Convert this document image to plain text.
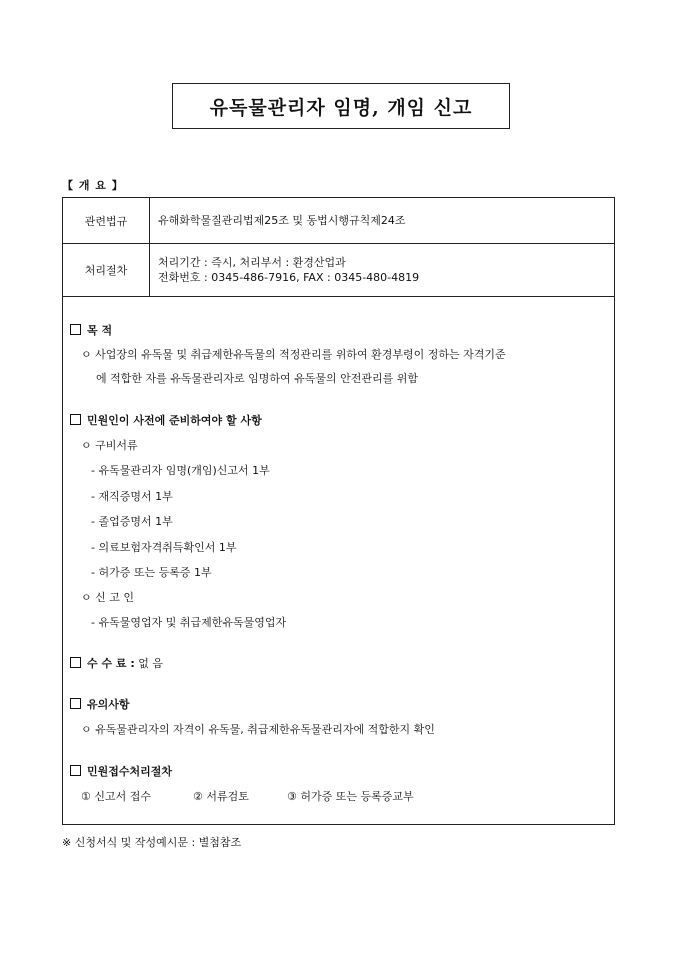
유독물관리자 임명, 개임 신고
【 개 요 】
관련법규	유해화학물질관리법제25조 및 동법시행규칙제24조

처리절차	처리기간 : 즉시, 처리부서 : 환경산업과
전화번호 : 0345-486-7916, FAX : 0345-480-4819
목 적
ㅇ 사업장의 유독물 및 취급제한유독물의 적정관리를 위하여 환경부령이 정하는 자격기준
에 적합한 자를 유독물관리자로 임명하여 유독물의 안전관리를 위함
민원인이 사전에 준비하여야 할 사항
ㅇ 구비서류
- 유독물관리자 임명(개임)신고서 1부
- 재직증명서 1부
- 졸업증명서 1부
- 의료보험자격취득확인서 1부
- 허가증 또는 등록증 1부
ㅇ 신 고 인
- 유독물영업자 및 취급제한유독물영업자
수 수 료 : 없 음
유의사항
ㅇ 유독물관리자의 자격이 유독물, 취급제한유독물관리자에 적합한지 확인
민원접수처리절차
① 신고서 접수	② 서류검토	③ 허가증 또는 등록증교부
※ 신청서식 및 작성예시문 : 별첨참조
